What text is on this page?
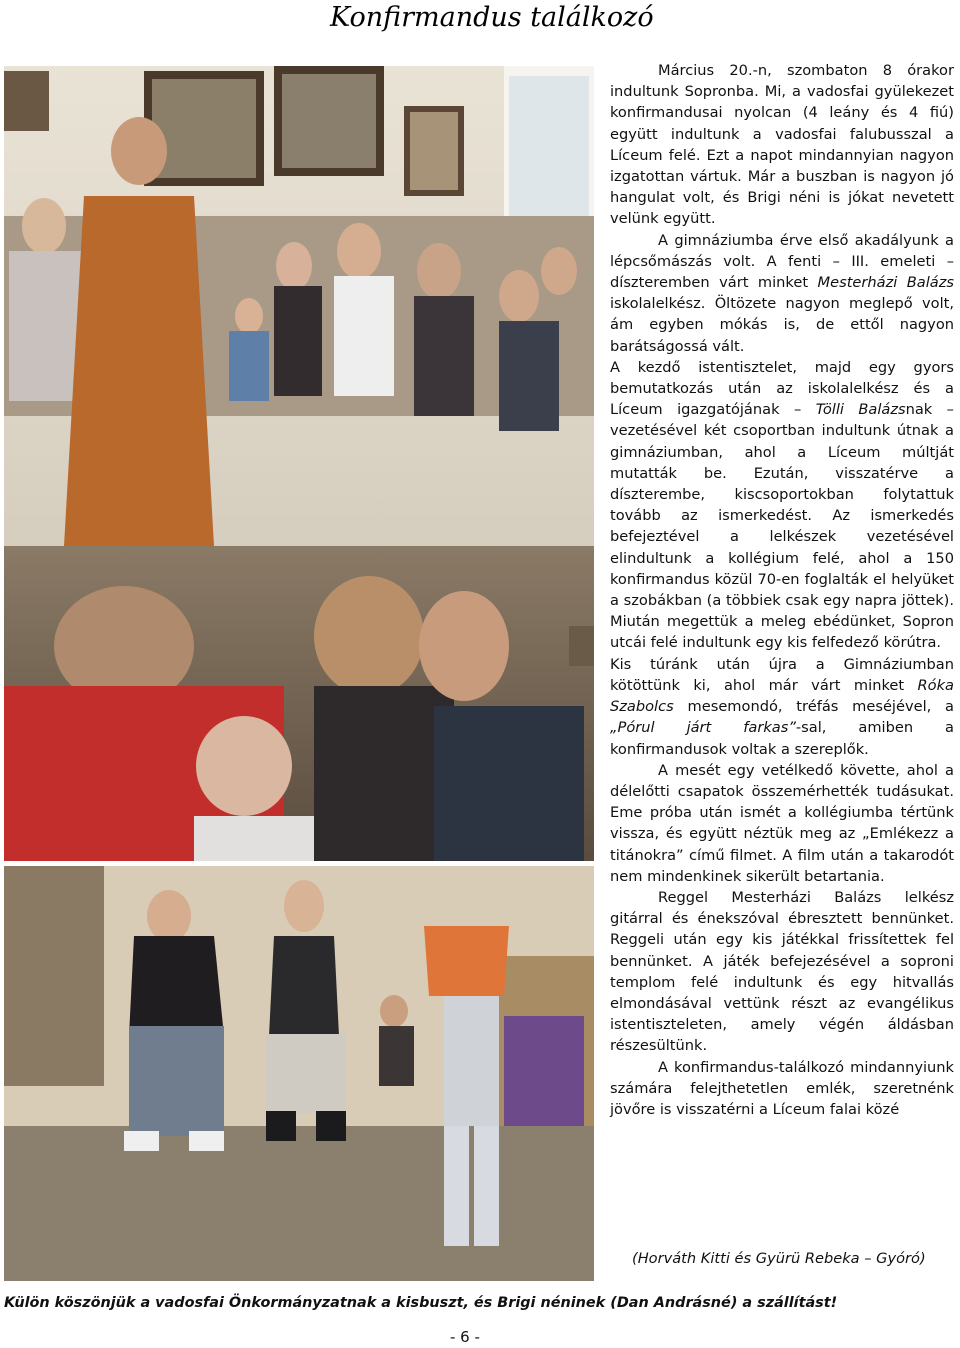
Konfirmandus találkozó

Március 20.-n, szombaton 8 órakor indultunk Sopronba. Mi, a vadosfai gyülekezet konfirmandusai nyolcan (4 leány és 4 fiú) együtt indultunk a vadosfai falubusszal a Líceum felé. Ezt a napot mindannyian nagyon izgatottan vártuk. Már a buszban is nagyon jó hangulat volt, és Brigi néni is jókat nevetett velünk együtt.

A gimnáziumba érve első akadályunk a lépcsőmászás volt. A fenti – III. emeleti – díszteremben várt minket Mesterházi Balázs iskolalelkész. Öltözete nagyon meglepő volt, ám egyben mókás is, de ettől nagyon barátságossá vált.

A kezdő istentisztelet, majd egy gyors bemutatkozás után az iskolalelkész és a Líceum igazgatójának – Tölli Balázsnak – vezetésével két csoportban indultunk útnak a gimnáziumban, ahol a Líceum múltját mutatták be. Ezután, visszatérve a díszterembe, kiscsoportokban folytattuk tovább az ismerkedést. Az ismerkedés befejeztével a lelkészek vezetésével elindultunk a kollégium felé, ahol a 150 konfirmandus közül 70-en foglalták el helyüket a szobákban (a többiek csak egy napra jöttek). Miután megettük a meleg ebédünket, Sopron utcái felé indultunk egy kis felfedező körútra.

Kis túránk után újra a Gimnáziumban kötöttünk ki, ahol már várt minket Róka Szabolcs mesemondó, tréfás meséjével, a „Pórul járt farkas”-sal, amiben a konfirmandusok voltak a szereplők.

A mesét egy vetélkedő követte, ahol a délelőtti csapatok összemérhették tudásukat. Eme próba után ismét a kollégiumba tértünk vissza, és együtt néztük meg az „Emlékezz a titánokra” című filmet. A film után a takarodót nem mindenkinek sikerült betartania.

Reggel Mesterházi Balázs lelkész gitárral és énekszóval ébresztett bennünket. Reggeli után egy kis játékkal frissítettek fel bennünket. A játék befejezésével a soproni templom felé indultunk és egy hitvallás elmondásával vettünk részt az evangélikus istentiszteleten, amely végén áldásban részesültünk.

A konfirmandus-találkozó mindannyiunk számára felejthetetlen emlék, szeretnénk jövőre is visszatérni a Líceum falai közé

(Horváth Kitti és Gyürü Rebeka – Gyóró)
Külön köszönjük a vadosfai Önkormányzatnak a kisbuszt, és Brigi néninek (Dan Andrásné) a szállítást!
- 6 -
